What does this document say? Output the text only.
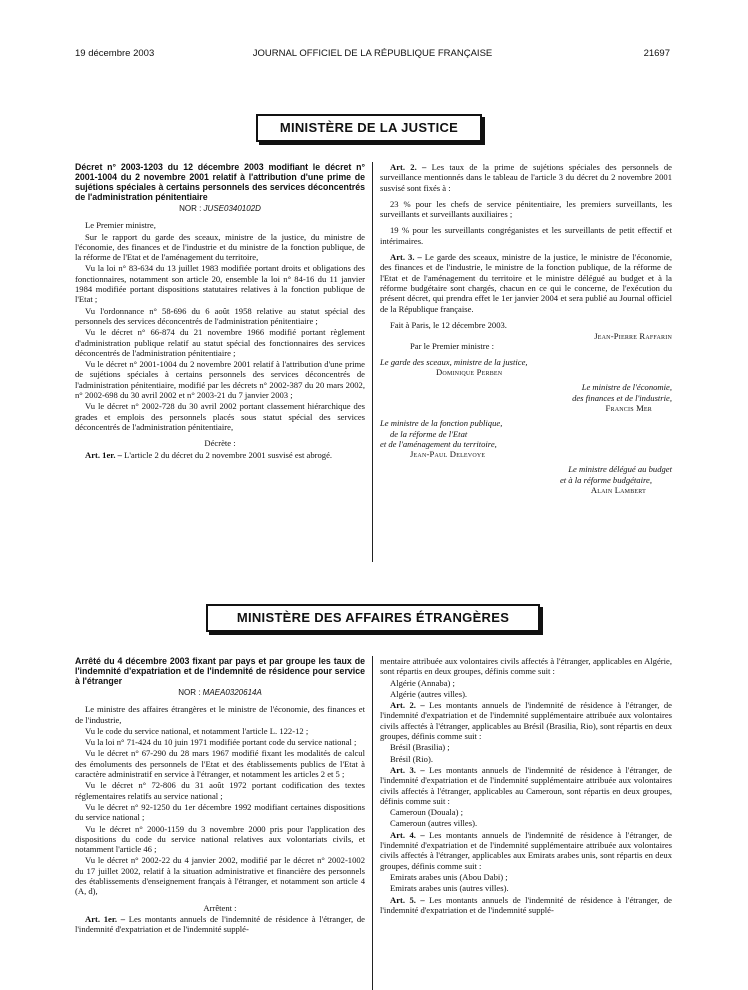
19 décembre 2003	JOURNAL OFFICIEL DE LA RÉPUBLIQUE FRANÇAISE	21697
MINISTÈRE DE LA JUSTICE
Décret n° 2003-1203 du 12 décembre 2003 modifiant le décret n° 2001-1004 du 2 novembre 2001 relatif à l'attribution d'une prime de sujétions spéciales à certains personnels des services déconcentrés de l'administration pénitentiaire
NOR : JUSE0340102D

Le Premier ministre,

Sur le rapport du garde des sceaux, ministre de la justice, du ministre de l'économie, des finances et de l'industrie et du ministre de la fonction publique, de la réforme de l'Etat et de l'aménagement du territoire,

Vu la loi n° 83-634 du 13 juillet 1983 modifiée portant droits et obligations des fonctionnaires, notamment son article 20, ensemble la loi n° 84-16 du 11 janvier 1984 modifiée portant dispositions statutaires relatives à la fonction publique de l'Etat ;

Vu l'ordonnance n° 58-696 du 6 août 1958 relative au statut spécial des personnels des services déconcentrés de l'administration pénitentiaire ;

Vu le décret n° 66-874 du 21 novembre 1966 modifié portant règlement d'administration publique relatif au statut spécial des fonctionnaires des services déconcentrés de l'administration pénitentiaire ;

Vu le décret n° 2001-1004 du 2 novembre 2001 relatif à l'attribution d'une prime de sujétions spéciales à certains personnels des services déconcentrés de l'administration pénitentiaire, modifié par les décrets n° 2002-387 du 20 mars 2002, n° 2002-698 du 30 avril 2002 et n° 2003-21 du 7 janvier 2003 ;

Vu le décret n° 2002-728 du 30 avril 2002 portant classement hiérarchique des grades et emplois des personnels placés sous statut spécial des services déconcentrés de l'administration pénitentiaire,

Décrète :

Art. 1er. – L'article 2 du décret du 2 novembre 2001 susvisé est abrogé.

Art. 2. – Les taux de la prime de sujétions spéciales des personnels de surveillance mentionnés dans le tableau de l'article 3 du décret du 2 novembre 2001 susvisé sont fixés à :

23 % pour les chefs de service pénitentiaire, les premiers surveillants, les surveillants et surveillants auxiliaires ;

19 % pour les surveillants congréganistes et les surveillants de petit effectif et intérimaires.

Art. 3. – Le garde des sceaux, ministre de la justice, le ministre de l'économie, des finances et de l'industrie, le ministre de la fonction publique, de la réforme de l'Etat et de l'aménagement du territoire et le ministre délégué au budget et à la réforme budgétaire sont chargés, chacun en ce qui le concerne, de l'exécution du présent décret, qui prendra effet le 1er janvier 2004 et sera publié au Journal officiel de la République française.

Fait à Paris, le 12 décembre 2003.

Jean-Pierre Raffarin
Par le Premier ministre :
Le garde des sceaux, ministre de la justice,
Dominique Perben
Le ministre de l'économie,
des finances et de l'industrie,
Francis Mer
Le ministre de la fonction publique,
de la réforme de l'Etat
et de l'aménagement du territoire,
Jean-Paul Delevoye
Le ministre délégué au budget
et à la réforme budgétaire,
Alain Lambert
MINISTÈRE DES AFFAIRES ÉTRANGÈRES
Arrêté du 4 décembre 2003 fixant par pays et par groupe les taux de l'indemnité d'expatriation et de l'indemnité de résidence pour service à l'étranger
NOR : MAEA0320614A

Le ministre des affaires étrangères et le ministre de l'économie, des finances et de l'industrie,

Vu le code du service national, et notamment l'article L. 122-12 ;

Vu la loi n° 71-424 du 10 juin 1971 modifiée portant code du service national ;

Vu le décret n° 67-290 du 28 mars 1967 modifié fixant les modalités de calcul des émoluments des personnels de l'Etat et des établissements publics de l'Etat à caractère administratif en service à l'étranger, et notamment les articles 2 et 5 ;

Vu le décret n° 72-806 du 31 août 1972 portant codification des textes réglementaires relatifs au service national ;

Vu le décret n° 92-1250 du 1er décembre 1992 modifiant certaines dispositions du service national ;

Vu le décret n° 2000-1159 du 3 novembre 2000 pris pour l'application des dispositions du code du service national relatives aux volontariats civils, et notamment l'article 46 ;

Vu le décret n° 2002-22 du 4 janvier 2002, modifié par le décret n° 2002-1002 du 17 juillet 2002, relatif à la situation administrative et financière des personnels des établissements d'enseignement français à l'étranger, et notamment son article 4 (A, d),

Arrêtent :

Art. 1er. – Les montants annuels de l'indemnité de résidence à l'étranger, de l'indemnité d'expatriation et de l'indemnité supplé-

mentaire attribuée aux volontaires civils affectés à l'étranger, applicables en Algérie, sont répartis en deux groupes, définis comme suit :

Algérie (Annaba) ;

Algérie (autres villes).

Art. 2. – Les montants annuels de l'indemnité de résidence à l'étranger, de l'indemnité d'expatriation et de l'indemnité supplémentaire attribuée aux volontaires civils affectés à l'étranger, applicables au Brésil (Brasilia, Rio), sont répartis en deux groupes, définis comme suit :

Brésil (Brasilia) ;

Brésil (Rio).

Art. 3. – Les montants annuels de l'indemnité de résidence à l'étranger, de l'indemnité d'expatriation et de l'indemnité supplémentaire attribuée aux volontaires civils affectés à l'étranger, applicables au Cameroun, sont répartis en deux groupes, définis comme suit :

Cameroun (Douala) ;

Cameroun (autres villes).

Art. 4. – Les montants annuels de l'indemnité de résidence à l'étranger, de l'indemnité d'expatriation et de l'indemnité supplémentaire attribuée aux volontaires civils affectés à l'étranger, applicables aux Emirats arabes unis, sont répartis en deux groupes, définis comme suit :

Emirats arabes unis (Abou Dabi) ;

Emirats arabes unis (autres villes).

Art. 5. – Les montants annuels de l'indemnité de résidence à l'étranger, de l'indemnité d'expatriation et de l'indemnité supplé-
